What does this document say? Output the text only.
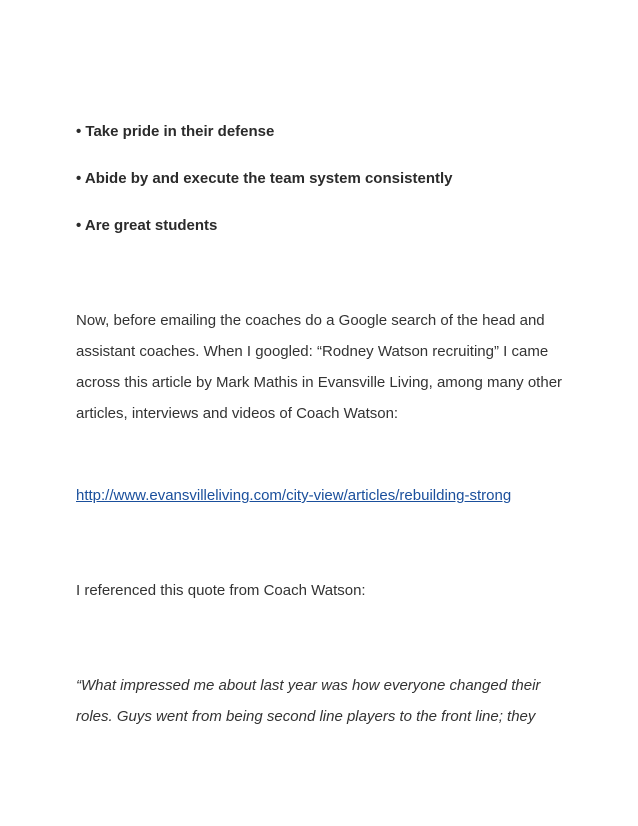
• Take pride in their defense

• Abide by and execute the team system consistently

• Are great students

Now, before emailing the coaches do a Google search of the head and

assistant coaches. When I googled: “Rodney Watson recruiting” I came

across this article by Mark Mathis in Evansville Living, among many other

articles, interviews and videos of Coach Watson:

http://www.evansvilleliving.com/city-view/articles/rebuilding-strong

I referenced this quote from Coach Watson:

“What impressed me about last year was how everyone changed their

roles. Guys went from being second line players to the front line; they
